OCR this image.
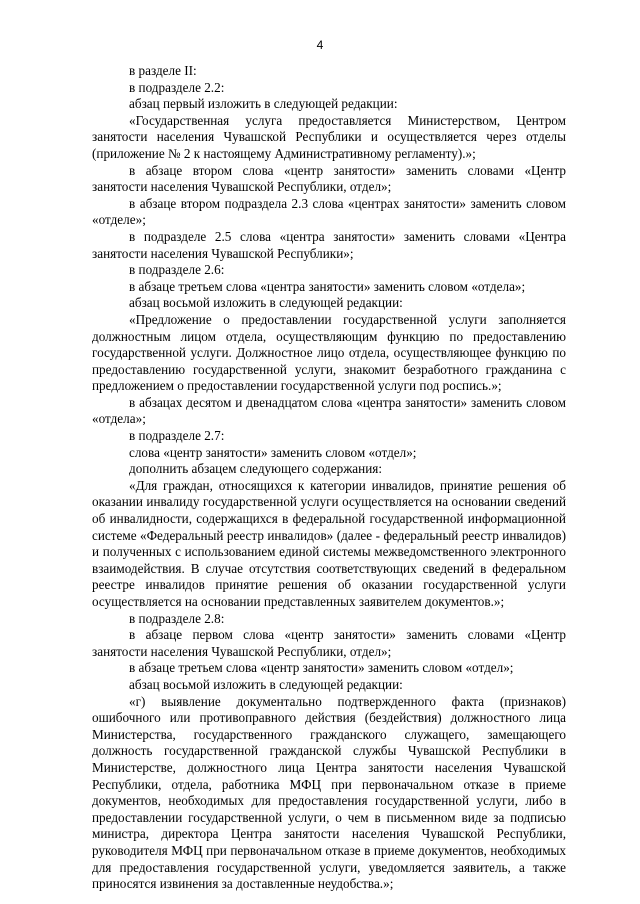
4

в разделе II:

в подразделе 2.2:

абзац первый изложить в следующей редакции:

«Государственная услуга предоставляется Министерством, Центром занятости населения Чувашской Республики и осуществляется через отделы (приложение № 2 к настоящему Административному регламенту).»;

в абзаце втором слова «центр занятости» заменить словами «Центр занятости населения Чувашской Республики, отдел»;

в абзаце втором подраздела 2.3 слова «центрах занятости» заменить словом «отделе»;

в подразделе 2.5 слова «центра занятости» заменить словами «Центра занятости населения Чувашской Республики»;

в подразделе 2.6:

в абзаце третьем слова «центра занятости» заменить словом «отдела»;

абзац восьмой изложить в следующей редакции:

«Предложение о предоставлении государственной услуги заполняется должностным лицом отдела, осуществляющим функцию по предоставлению государственной услуги. Должностное лицо отдела, осуществляющее функцию по предоставлению государственной услуги, знакомит безработного гражданина с предложением о предоставлении государственной услуги под роспись.»;

в абзацах десятом и двенадцатом слова «центра занятости» заменить словом «отдела»;

в подразделе 2.7:

слова «центр занятости» заменить словом «отдел»;

дополнить абзацем следующего содержания:

«Для граждан, относящихся к категории инвалидов, принятие решения об оказании инвалиду государственной услуги осуществляется на основании сведений об инвалидности, содержащихся в федеральной государственной информационной системе «Федеральный реестр инвалидов» (далее - федеральный реестр инвалидов) и полученных с использованием единой системы межведомственного электронного взаимодействия. В случае отсутствия соответствующих сведений в федеральном реестре инвалидов принятие решения об оказании государственной услуги осуществляется на основании представленных заявителем документов.»;

в подразделе 2.8:

в абзаце первом слова «центр занятости» заменить словами «Центр занятости населения Чувашской Республики, отдел»;

в абзаце третьем слова «центр занятости» заменить словом «отдел»;

абзац восьмой изложить в следующей редакции:

«г) выявление документально подтвержденного факта (признаков) ошибочного или противоправного действия (бездействия) должностного лица Министерства, государственного гражданского служащего, замещающего должность государственной гражданской службы Чувашской Республики в Министерстве, должностного лица Центра занятости населения Чувашской Республики, отдела, работника МФЦ при первоначальном отказе в приеме документов, необходимых для предоставления государственной услуги, либо в предоставлении государственной услуги, о чем в письменном виде за подписью министра, директора Центра занятости населения Чувашской Республики, руководителя МФЦ при первоначальном отказе в приеме документов, необходимых для предоставления государственной услуги, уведомляется заявитель, а также приносятся извинения за доставленные неудобства.»;
